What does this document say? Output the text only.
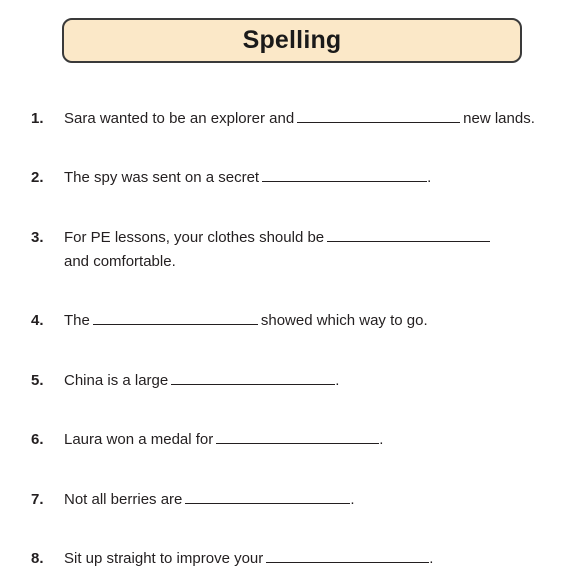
Spelling
1. Sara wanted to be an explorer and	new lands.
2. The spy was sent on a secret	.
3. For PE lessons, your clothes should be
and comfortable.
4. The	showed which way to go.
5. China is a large	.
6. Laura won a medal for	.
7. Not all berries are	.
8. Sit up straight to improve your	.
